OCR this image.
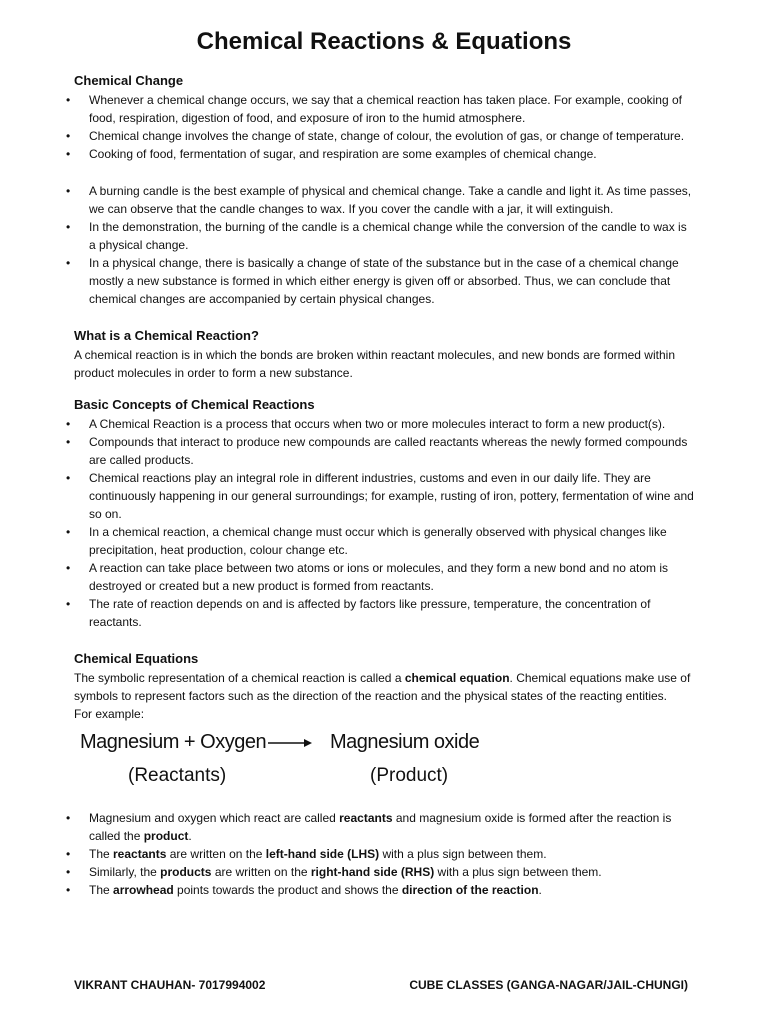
Chemical Reactions & Equations
Chemical Change
• Whenever a chemical change occurs, we say that a chemical reaction has taken place. For example, cooking of food, respiration, digestion of food, and exposure of iron to the humid atmosphere.
• Chemical change involves the change of state, change of colour, the evolution of gas, or change of temperature.
• Cooking of food, fermentation of sugar, and respiration are some examples of chemical change.
• A burning candle is the best example of physical and chemical change. Take a candle and light it. As time passes, we can observe that the candle changes to wax. If you cover the candle with a jar, it will extinguish.
• In the demonstration, the burning of the candle is a chemical change while the conversion of the candle to wax is a physical change.
• In a physical change, there is basically a change of state of the substance but in the case of a chemical change mostly a new substance is formed in which either energy is given off or absorbed. Thus, we can conclude that chemical changes are accompanied by certain physical changes.
What is a Chemical Reaction?

A chemical reaction is in which the bonds are broken within reactant molecules, and new bonds are formed within product molecules in order to form a new substance.

Basic Concepts of Chemical Reactions
• A Chemical Reaction is a process that occurs when two or more molecules interact to form a new product(s).
• Compounds that interact to produce new compounds are called reactants whereas the newly formed compounds are called products.
• Chemical reactions play an integral role in different industries, customs and even in our daily life. They are continuously happening in our general surroundings; for example, rusting of iron, pottery, fermentation of wine and so on.
• In a chemical reaction, a chemical change must occur which is generally observed with physical changes like precipitation, heat production, colour change etc.
• A reaction can take place between two atoms or ions or molecules, and they form a new bond and no atom is destroyed or created but a new product is formed from reactants.
• The rate of reaction depends on and is affected by factors like pressure, temperature, the concentration of reactants.
Chemical Equations

The symbolic representation of a chemical reaction is called a chemical equation. Chemical equations make use of symbols to represent factors such as the direction of the reaction and the physical states of the reacting entities.

For example:

Magnesium + Oxygen	Magnesium oxide
(Reactants)	(Product)
• Magnesium and oxygen which react are called reactants and magnesium oxide is formed after the reaction is called the product.
• The reactants are written on the left-hand side (LHS) with a plus sign between them.
• Similarly, the products are written on the right-hand side (RHS) with a plus sign between them.
• The arrowhead points towards the product and shows the direction of the reaction.
VIKRANT CHAUHAN- 7017994002	CUBE CLASSES (GANGA-NAGAR/JAIL-CHUNGI)
